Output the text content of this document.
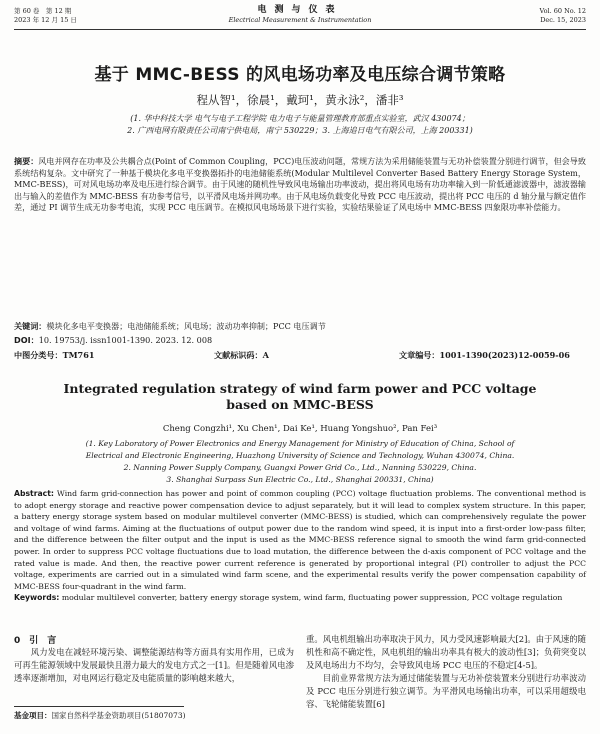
第 60 卷　第 12 期
2023 年 12 月 15 日
电测与仪表
Electrical Measurement & Instrumentation
Vol. 60 No. 12
Dec. 15, 2023
基于 MMC-BESS 的风电场功率及电压综合调节策略
程从智¹，徐晨¹，戴珂¹，黄永泳²，潘非³
(1. 华中科技大学 电气与电子工程学院 电力电子与能量管理教育部重点实验室，武汉 430074；
2. 广西电网有限责任公司南宁供电局，南宁 530229；3. 上海追日电气有限公司，上海 200331)
摘要：风电并网存在功率及公共耦合点(Point of Common Coupling，PCC)电压波动问题，常规方法为采用储能装置与无功补偿装置分别进行调节，但会导致系统结构复杂。文中研究了一种基于模块化多电平变换器拓扑的电池储能系统(Modular Multilevel Converter Based Battery Energy Storage System，MMC-BESS)，可对风电场功率及电压进行综合调节。由于风速的随机性导致风电场输出功率波动，提出将风电场有功功率输入到一阶低通滤波器中，滤波器输出与输入的差值作为 MMC-BESS 有功参考信号，以平滑风电场并网功率。由于风电场负载变化导致 PCC 电压波动，提出将 PCC 电压的 d 轴分量与额定值作差，通过 PI 调节生成无功参考电流，实现 PCC 电压调节。在模拟风电场场景下进行实验，实验结果验证了风电场中 MMC-BESS 四象限功率补偿能力。
关键词：模块化多电平变换器；电池储能系统；风电场；波动功率抑制；PCC 电压调节
DOI：10. 19753/j. issn1001-1390. 2023. 12. 008
中图分类号：TM761	文献标识码：A	文章编号：1001-1390(2023)12-0059-06
Integrated regulation strategy of wind farm power and PCC voltage
based on MMC-BESS
Cheng Congzhi¹, Xu Chen¹, Dai Ke¹, Huang Yongshuo², Pan Fei³
(1. Key Laboratory of Power Electronics and Energy Management for Ministry of Education of China, School of
Electrical and Electronic Engineering, Huazhong University of Science and Technology, Wuhan 430074, China.
2. Nanning Power Supply Company, Guangxi Power Grid Co., Ltd., Nanning 530229, China.
3. Shanghai Surpass Sun Electric Co., Ltd., Shanghai 200331, China)
Abstract: Wind farm grid-connection has power and point of common coupling (PCC) voltage fluctuation problems. The conventional method is to adopt energy storage and reactive power compensation device to adjust separately, but it will lead to complex system structure. In this paper, a battery energy storage system based on modular multilevel converter (MMC-BESS) is studied, which can comprehensively regulate the power and voltage of wind farms. Aiming at the fluctuations of output power due to the random wind speed, it is input into a first-order low-pass filter, and the difference between the filter output and the input is used as the MMC-BESS reference signal to smooth the wind farm grid-connected power. In order to suppress PCC voltage fluctuations due to load mutation, the difference between the d-axis component of PCC voltage and the rated value is made. And then, the reactive power current reference is generated by proportional integral (PI) controller to adjust the PCC voltage, experiments are carried out in a simulated wind farm scene, and the experimental results verify the power compensation capability of MMC-BESS four-quadrant in the wind farm.
Keywords: modular multilevel converter, battery energy storage system, wind farm, fluctuating power suppression, PCC voltage regulation
0　引　言

风力发电在减轻环境污染、调整能源结构等方面具有实用作用，已成为可再生能源领域中发展最快且潜力最大的发电方式之一[1]。但是随着风电渗透率逐渐增加，对电网运行稳定及电能质量的影响越来越大，

重。风电机组输出功率取决于风力，风力受风速影响最大[2]。由于风速的随机性和高不确定性，风电机组的输出功率具有极大的波动性[3]；负荷突变以及风电场出力不均匀，会导致风电场 PCC 电压的不稳定[4-5]。

目前业界常规方法为通过储能装置与无功补偿装置来分别进行功率波动及 PCC 电压分别进行独立调节。为平滑风电场输出功率，可以采用超级电容、飞轮储能装置[6]

基金项目：国家自然科学基金资助项目(51807073)
